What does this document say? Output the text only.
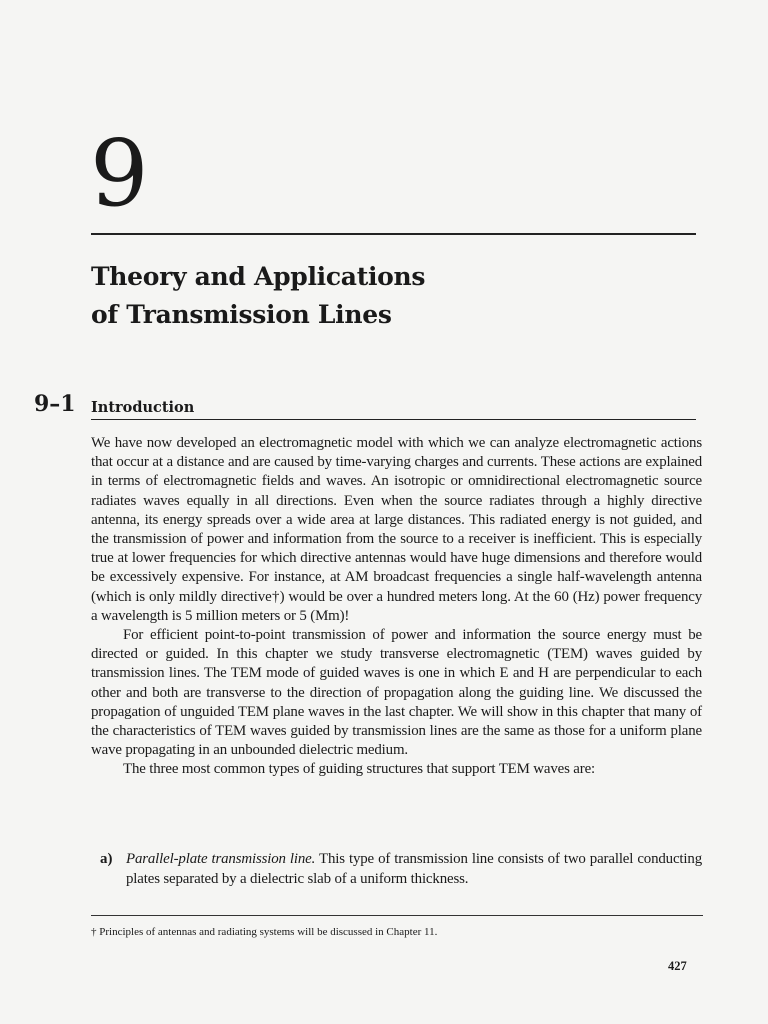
9
Theory and Applications
of Transmission Lines
9–1 Introduction

We have now developed an electromagnetic model with which we can analyze electromagnetic actions that occur at a distance and are caused by time-varying charges and currents. These actions are explained in terms of electromagnetic fields and waves. An isotropic or omnidirectional electromagnetic source radiates waves equally in all directions. Even when the source radiates through a highly directive antenna, its energy spreads over a wide area at large distances. This radiated energy is not guided, and the transmission of power and information from the source to a receiver is inefficient. This is especially true at lower frequencies for which directive antennas would have huge dimensions and therefore would be excessively expensive. For instance, at AM broadcast frequencies a single half-wavelength antenna (which is only mildly directive†) would be over a hundred meters long. At the 60 (Hz) power frequency a wavelength is 5 million meters or 5 (Mm)!

For efficient point-to-point transmission of power and information the source energy must be directed or guided. In this chapter we study transverse electromagnetic (TEM) waves guided by transmission lines. The TEM mode of guided waves is one in which E and H are perpendicular to each other and both are transverse to the direction of propagation along the guiding line. We discussed the propagation of unguided TEM plane waves in the last chapter. We will show in this chapter that many of the characteristics of TEM waves guided by transmission lines are the same as those for a uniform plane wave propagating in an unbounded dielectric medium.

The three most common types of guiding structures that support TEM waves are:

a) Parallel-plate transmission line. This type of transmission line consists of two parallel conducting plates separated by a dielectric slab of a uniform thickness.
† Principles of antennas and radiating systems will be discussed in Chapter 11.
427
